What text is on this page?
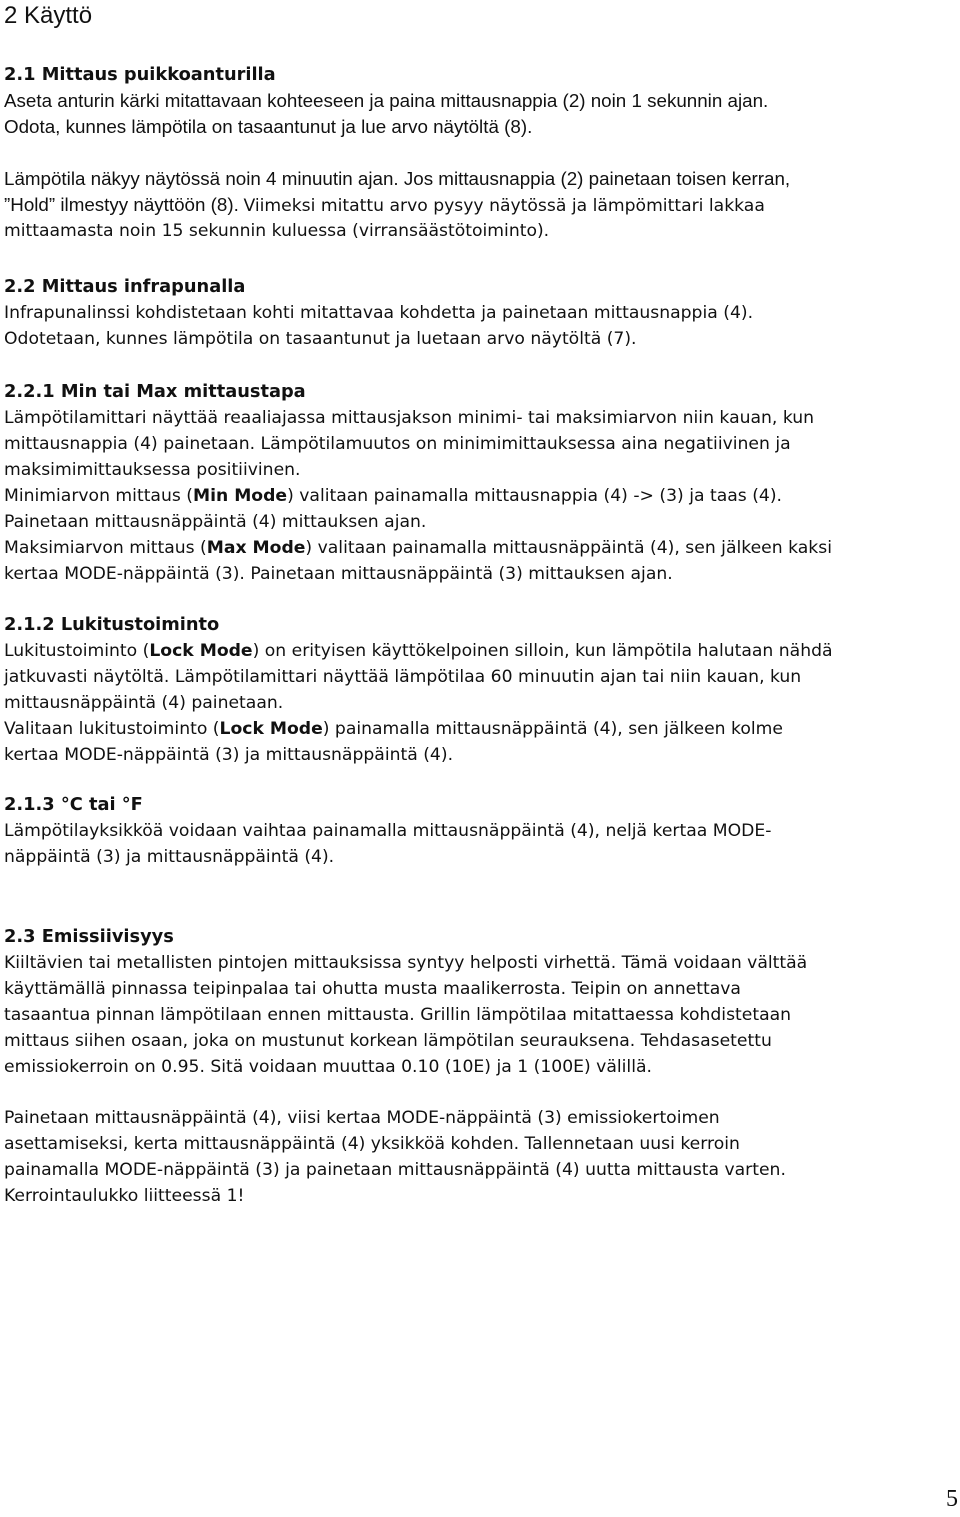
2 Käyttö
2.1 Mittaus puikkoanturilla
Aseta anturin kärki mitattavaan kohteeseen ja paina mittausnappia (2) noin 1 sekunnin ajan.
Odota, kunnes lämpötila on tasaantunut ja lue arvo näytöltä (8).
Lämpötila näkyy näytössä noin 4 minuutin ajan. Jos mittausnappia (2) painetaan toisen kerran,
”Hold” ilmestyy näyttöön (8). Viimeksi mitattu arvo pysyy näytössä ja lämpömittari lakkaa
mittaamasta noin 15 sekunnin kuluessa (virransäästötoiminto).
2.2 Mittaus infrapunalla
Infrapunalinssi kohdistetaan kohti mitattavaa kohdetta ja painetaan mittausnappia (4).
Odotetaan, kunnes lämpötila on tasaantunut ja luetaan arvo näytöltä (7).
2.2.1 Min tai Max mittaustapa
Lämpötilamittari näyttää reaaliajassa mittausjakson minimi- tai maksimiarvon niin kauan, kun
mittausnappia (4) painetaan. Lämpötilamuutos on minimimittauksessa aina negatiivinen ja
maksimimittauksessa positiivinen.
Minimiarvon mittaus (Min Mode) valitaan painamalla mittausnappia (4) -> (3) ja taas (4).
Painetaan mittausnäppäintä (4) mittauksen ajan.
Maksimiarvon mittaus (Max Mode) valitaan painamalla mittausnäppäintä (4), sen jälkeen kaksi
kertaa MODE-näppäintä (3). Painetaan mittausnäppäintä (3) mittauksen ajan.
2.1.2 Lukitustoiminto
Lukitustoiminto (Lock Mode) on erityisen käyttökelpoinen silloin, kun lämpötila halutaan nähdä
jatkuvasti näytöltä. Lämpötilamittari näyttää lämpötilaa 60 minuutin ajan tai niin kauan, kun
mittausnäppäintä (4) painetaan.
Valitaan lukitustoiminto (Lock Mode) painamalla mittausnäppäintä (4), sen jälkeen kolme
kertaa MODE-näppäintä (3) ja mittausnäppäintä (4).
2.1.3 °C tai °F
Lämpötilayksikköä voidaan vaihtaa painamalla mittausnäppäintä (4), neljä kertaa MODE-
näppäintä (3) ja mittausnäppäintä (4).
2.3 Emissiivisyys
Kiiltävien tai metallisten pintojen mittauksissa syntyy helposti virhettä. Tämä voidaan välttää
käyttämällä pinnassa teipinpalaa tai ohutta musta maalikerrosta. Teipin on annettava
tasaantua pinnan lämpötilaan ennen mittausta. Grillin lämpötilaa mitattaessa kohdistetaan
mittaus siihen osaan, joka on mustunut korkean lämpötilan seurauksena. Tehdasasetettu
emissiokerroin on 0.95. Sitä voidaan muuttaa 0.10 (10E) ja 1 (100E) välillä.
Painetaan mittausnäppäintä (4), viisi kertaa MODE-näppäintä (3) emissiokertoimen
asettamiseksi, kerta mittausnäppäintä (4) yksikköä kohden. Tallennetaan uusi kerroin
painamalla MODE-näppäintä (3) ja painetaan mittausnäppäintä (4) uutta mittausta varten.
Kerrointaulukko liitteessä 1!
5
